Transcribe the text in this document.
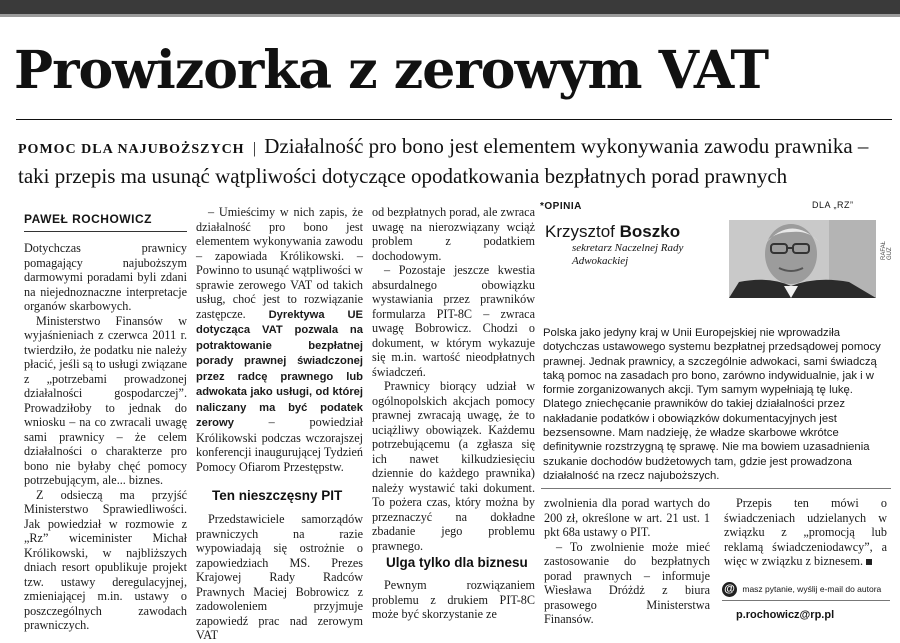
Prowizorka z zerowym VAT
POMOC DLA NAJUBOŻSZYCH | Działalność pro bono jest elementem wykonywania zawodu prawnika – taki przepis ma usunąć wątpliwości dotyczące opodatkowania bezpłatnych porad prawnych
PAWEŁ ROCHOWICZ

Dotychczas prawnicy pomagający najuboższym darmowymi poradami byli zdani na niejednoznaczne interpretacje organów skarbowych.

Ministerstwo Finansów w wyjaśnieniach z czerwca 2011 r. twierdziło, że podatku nie należy płacić, jeśli są to usługi związane z „potrzebami prowadzonej działalności gospodarczej”. Prowadziłoby to jednak do wniosku – na co zwracali uwagę sami prawnicy – że celem działalności o charakterze pro bono nie byłaby chęć pomocy potrzebującym, ale... biznes.

Z odsieczą ma przyjść Ministerstwo Sprawiedliwości. Jak powiedział w rozmowie z „Rz” wiceminister Michał Królikowski, w najbliższych dniach resort opublikuje projekt tzw. ustawy deregulacyjnej, zmieniającej m.in. ustawy o poszczególnych zawodach prawniczych.

– Umieścimy w nich zapis, że działalność pro bono jest elementem wykonywania zawodu – zapowiada Królikowski. – Powinno to usunąć wątpliwości w sprawie zerowego VAT od takich usług, choć jest to rozwiązanie zastępcze. Dyrektywa UE dotycząca VAT pozwala na potraktowanie bezpłatnej porady prawnej świadczonej przez radcę prawnego lub adwokata jako usługi, od której naliczany ma być podatek zerowy – powiedział Królikowski podczas wczorajszej konferencji inaugurującej Tydzień Pomocy Ofiarom Przestępstw.

Ten nieszczęsny PIT

Przedstawiciele samorządów prawniczych na razie wypowiadają się ostrożnie o zapowiedziach MS. Prezes Krajowej Rady Radców Prawnych Maciej Bobrowicz z zadowoleniem przyjmuje zapowiedź prac nad zerowym VAT

od bezpłatnych porad, ale zwraca uwagę na nierozwiązany wciąż problem z podatkiem dochodowym.

– Pozostaje jeszcze kwestia absurdalnego obowiązku wystawiania przez prawników formularza PIT-8C – zwraca uwagę Bobrowicz. Chodzi o dokument, w którym wykazuje się m.in. wartość nieodpłatnych świadczeń.

Prawnicy biorący udział w ogólnopolskich akcjach pomocy prawnej zwracają uwagę, że to uciążliwy obowiązek. Każdemu potrzebującemu (a zgłasza się ich nawet kilkudziesięciu dziennie do każdego prawnika) należy wystawić taki dokument. To pożera czas, który można by przeznaczyć na dokładne zbadanie jego problemu prawnego.

Ulga tylko dla biznesu

Pewnym rozwiązaniem problemu z drukiem PIT-8C może być skorzystanie ze

*OPINIA	DLA „RZ”
Krzysztof Boszko
sekretarz Naczelnej Rady Adwokackiej
RAFAŁ GUZ
Polska jako jedyny kraj w Unii Europejskiej nie wprowadziła dotychczas ustawowego systemu bezpłatnej przedsądowej pomocy prawnej. Jednak prawnicy, a szczególnie adwokaci, sami świadczą taką pomoc na zasadach pro bono, zarówno indywidualnie, jak i w formie zorganizowanych akcji. Tym samym wypełniają tę lukę. Dlatego zniechęcanie prawników do takiej działalności przez nakładanie podatków i obowiązków dokumentacyjnych jest bezsensowne. Mam nadzieję, że władze skarbowe wkrótce definitywnie rozstrzygną tę sprawę. Nie ma bowiem uzasadnienia szukanie dochodów budżetowych tam, gdzie jest prowadzona działalność na rzecz najuboższych.

zwolnienia dla porad wartych do 200 zł, określone w art. 21 ust. 1 pkt 68a ustawy o PIT.

– To zwolnienie może mieć zastosowanie do bezpłatnych porad prawnych – informuje Wiesława Dróżdż z biura prasowego Ministerstwa Finansów.

Przepis ten mówi o świadczeniach udzielanych w związku z „promocją lub reklamą świadczeniodawcy”, a więc w związku z biznesem.

@ masz pytanie, wyślij e-mail do autora
p.rochowicz@rp.pl
